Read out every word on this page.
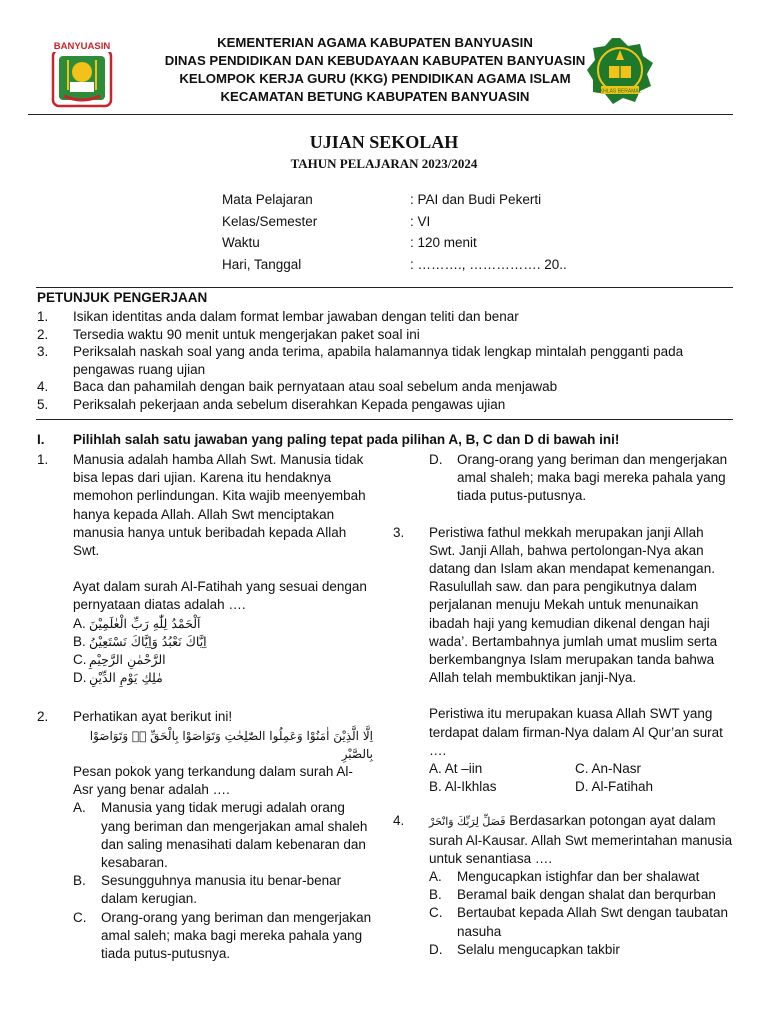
BANYUASIN	KEMENTERIAN AGAMA KABUPATEN BANYUASIN
DINAS PENDIDIKAN DAN KEBUDAYAAN KABUPATEN BANYUASIN
KELOMPOK KERJA GURU (KKG) PENDIDIKAN AGAMA ISLAM
KECAMATAN BETUNG KABUPATEN BANYUASIN	IKHLAS BERAMAL
UJIAN SEKOLAH
TAHUN PELAJARAN 2023/2024
Mata Pelajaran	: PAI dan Budi Pekerti
Kelas/Semester	: VI
Waktu	: 120 menit
Hari, Tanggal	: ………., ……………. 20..
PETUNJUK PENGERJAAN
1. Isikan identitas anda dalam format lembar jawaban dengan teliti dan benar
2. Tersedia waktu 90 menit untuk mengerjakan paket soal ini
3. Periksalah naskah soal yang anda terima, apabila halamannya tidak lengkap mintalah pengganti pada pengawas ruang ujian
4. Baca dan pahamilah dengan baik pernyataan atau soal sebelum anda menjawab
5. Periksalah pekerjaan anda sebelum diserahkan Kepada pengawas ujian
I. Pilihlah salah satu jawaban yang paling tepat pada pilihan A, B, C dan D di bawah ini!
1. Manusia adalah hamba Allah Swt. Manusia tidak bisa lepas dari ujian. Karena itu hendaknya memohon perlindungan. Kita wajib meenyembah hanya kepada Allah. Allah Swt menciptakan manusia hanya untuk beribadah kepada Allah Swt.
Ayat dalam surah Al-Fatihah yang sesuai dengan pernyataan diatas adalah ….
A. اَلْحَمْدُ لِلّٰهِ رَبِّ الْعٰلَمِيْنَ
B. اِيَّاكَ نَعْبُدُ وَاِيَّاكَ نَسْتَعِيْنُ
C. الرَّحْمٰنِ الرَّحِيْمِ
D. مٰلِكِ يَوْمِ الدِّيْنِ
2. Perhatikan ayat berikut ini!
اِلَّا الَّذِيْنَ اٰمَنُوْا وَعَمِلُوا الصّٰلِحٰتِ وَتَوَاصَوْا بِالْحَقِّ ەۙ وَتَوَاصَوْا بِالصَّبْرِ
Pesan pokok yang terkandung dalam surah Al-Asr yang benar adalah ….
A. Manusia yang tidak merugi adalah orang yang beriman dan mengerjakan amal shaleh dan saling menasihati dalam kebenaran dan kesabaran.
B. Sesungguhnya manusia itu benar-benar dalam kerugian.
C. Orang-orang yang beriman dan mengerjakan amal saleh; maka bagi mereka pahala yang tiada putus-putusnya.
D. Orang-orang yang beriman dan mengerjakan amal shaleh; maka bagi mereka pahala yang tiada putus-putusnya.
3. Peristiwa fathul mekkah merupakan janji Allah Swt. Janji Allah, bahwa pertolongan-Nya akan datang dan Islam akan mendapat kemenangan. Rasulullah saw. dan para pengikutnya dalam perjalanan menuju Mekah untuk menunaikan ibadah haji yang kemudian dikenal dengan haji wada’. Bertambahnya jumlah umat muslim serta berkembangnya Islam merupakan tanda bahwa Allah telah membuktikan janji-Nya.
Peristiwa itu merupakan kuasa Allah SWT yang terdapat dalam firman-Nya dalam Al Qur’an surat ….
A. At –iin	C. An-Nasr
B. Al-Ikhlas	D. Al-Fatihah
4. فَصَلِّ لِرَبِّكَ وَانْحَرْ Berdasarkan potongan ayat dalam surah Al-Kausar. Allah Swt memerintahan manusia untuk senantiasa ….
A. Mengucapkan istighfar dan ber shalawat
B. Beramal baik dengan shalat dan berqurban
C. Bertaubat kepada Allah Swt dengan taubatan nasuha
D. Selalu mengucapkan takbir
